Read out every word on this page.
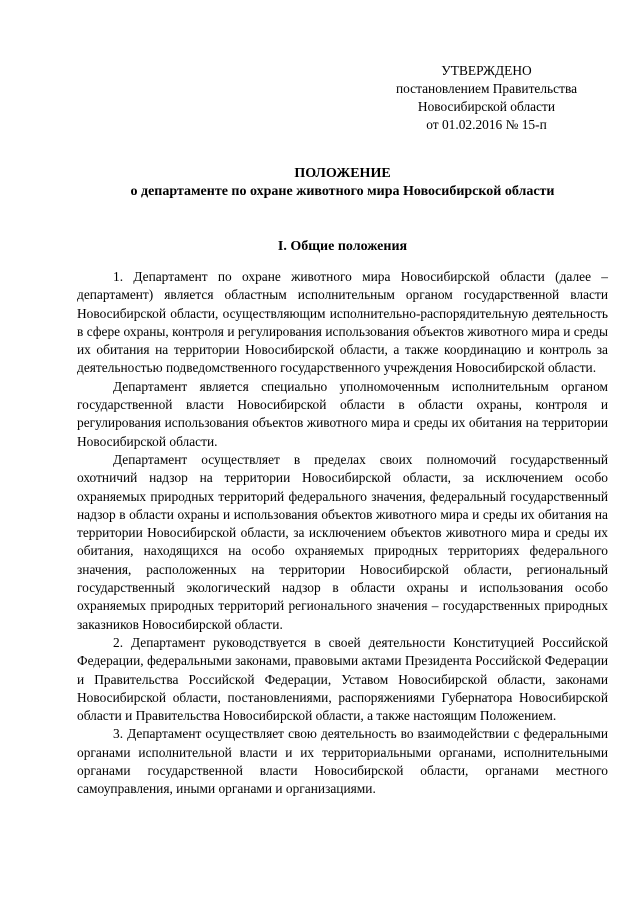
УТВЕРЖДЕНО
постановлением Правительства
Новосибирской области
от 01.02.2016 № 15-п
ПОЛОЖЕНИЕ
о департаменте по охране животного мира Новосибирской области
I. Общие положения

1. Департамент по охране животного мира Новосибирской области (далее – департамент) является областным исполнительным органом государственной власти Новосибирской области, осуществляющим исполнительно-распорядительную деятельность в сфере охраны, контроля и регулирования использования объектов животного мира и среды их обитания на территории Новосибирской области, а также координацию и контроль за деятельностью подведомственного государственного учреждения Новосибирской области.

Департамент является специально уполномоченным исполнительным органом государственной власти Новосибирской области в области охраны, контроля и регулирования использования объектов животного мира и среды их обитания на территории Новосибирской области.

Департамент осуществляет в пределах своих полномочий государственный охотничий надзор на территории Новосибирской области, за исключением особо охраняемых природных территорий федерального значения, федеральный государственный надзор в области охраны и использования объектов животного мира и среды их обитания на территории Новосибирской области, за исключением объектов животного мира и среды их обитания, находящихся на особо охраняемых природных территориях федерального значения, расположенных на территории Новосибирской области, региональный государственный экологический надзор в области охраны и использования особо охраняемых природных территорий регионального значения – государственных природных заказников Новосибирской области.

2. Департамент руководствуется в своей деятельности Конституцией Российской Федерации, федеральными законами, правовыми актами Президента Российской Федерации и Правительства Российской Федерации, Уставом Новосибирской области, законами Новосибирской области, постановлениями, распоряжениями Губернатора Новосибирской области и Правительства Новосибирской области, а также настоящим Положением.

3. Департамент осуществляет свою деятельность во взаимодействии с федеральными органами исполнительной власти и их территориальными органами, исполнительными органами государственной власти Новосибирской области, органами местного самоуправления, иными органами и организациями.
